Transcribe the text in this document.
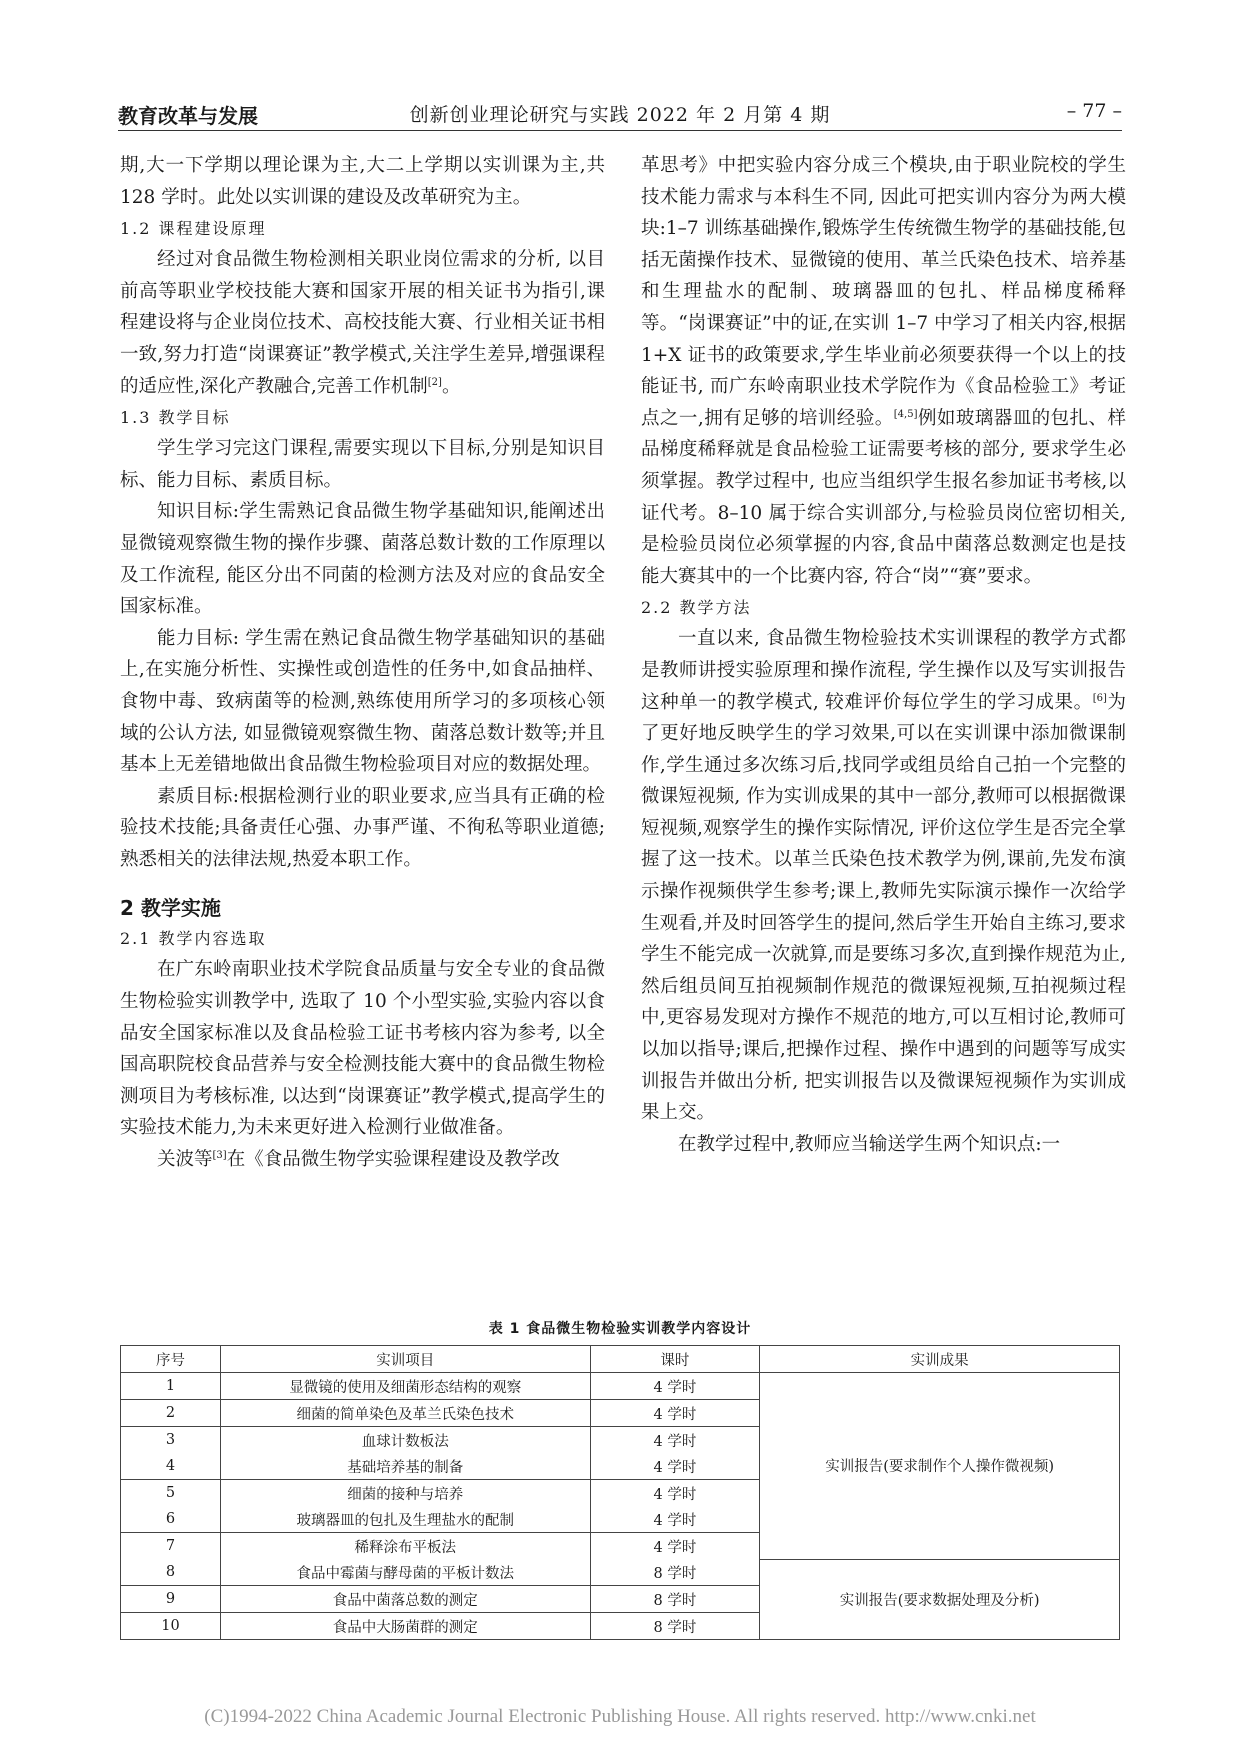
教育改革与发展	创新创业理论研究与实践 2022 年 2 月第 4 期	– 77 –

期,大一下学期以理论课为主,大二上学期以实训课为主,共 128 学时。此处以实训课的建设及改革研究为主。

1.2 课程建设原理

经过对食品微生物检测相关职业岗位需求的分析, 以目前高等职业学校技能大赛和国家开展的相关证书为指引,课程建设将与企业岗位技术、高校技能大赛、行业相关证书相一致,努力打造“岗课赛证”教学模式,关注学生差异,增强课程的适应性,深化产教融合,完善工作机制[2]。

1.3 教学目标

学生学习完这门课程,需要实现以下目标,分别是知识目标、能力目标、素质目标。

知识目标:学生需熟记食品微生物学基础知识,能阐述出显微镜观察微生物的操作步骤、菌落总数计数的工作原理以及工作流程, 能区分出不同菌的检测方法及对应的食品安全国家标准。

能力目标: 学生需在熟记食品微生物学基础知识的基础上,在实施分析性、实操性或创造性的任务中,如食品抽样、食物中毒、致病菌等的检测,熟练使用所学习的多项核心领域的公认方法, 如显微镜观察微生物、菌落总数计数等;并且基本上无差错地做出食品微生物检验项目对应的数据处理。

素质目标:根据检测行业的职业要求,应当具有正确的检验技术技能;具备责任心强、办事严谨、不徇私等职业道德;熟悉相关的法律法规,热爱本职工作。

2 教学实施
2.1 教学内容选取

在广东岭南职业技术学院食品质量与安全专业的食品微生物检验实训教学中, 选取了 10 个小型实验,实验内容以食品安全国家标准以及食品检验工证书考核内容为参考, 以全国高职院校食品营养与安全检测技能大赛中的食品微生物检测项目为考核标准, 以达到“岗课赛证”教学模式,提高学生的实验技术能力,为未来更好进入检测行业做准备。

关波等[3]在《食品微生物学实验课程建设及教学改

革思考》中把实验内容分成三个模块,由于职业院校的学生技术能力需求与本科生不同, 因此可把实训内容分为两大模块:1–7 训练基础操作,锻炼学生传统微生物学的基础技能,包括无菌操作技术、显微镜的使用、革兰氏染色技术、培养基和生理盐水的配制、玻璃器皿的包扎、样品梯度稀释等。“岗课赛证”中的证,在实训 1–7 中学习了相关内容,根据 1+X 证书的政策要求,学生毕业前必须要获得一个以上的技能证书, 而广东岭南职业技术学院作为《食品检验工》考证点之一,拥有足够的培训经验。[4,5]例如玻璃器皿的包扎、样品梯度稀释就是食品检验工证需要考核的部分, 要求学生必须掌握。教学过程中, 也应当组织学生报名参加证书考核,以证代考。8–10 属于综合实训部分,与检验员岗位密切相关,是检验员岗位必须掌握的内容,食品中菌落总数测定也是技能大赛其中的一个比赛内容, 符合“岗”“赛”要求。

2.2 教学方法

一直以来, 食品微生物检验技术实训课程的教学方式都是教师讲授实验原理和操作流程, 学生操作以及写实训报告这种单一的教学模式, 较难评价每位学生的学习成果。[6]为了更好地反映学生的学习效果,可以在实训课中添加微课制作,学生通过多次练习后,找同学或组员给自己拍一个完整的微课短视频, 作为实训成果的其中一部分,教师可以根据微课短视频,观察学生的操作实际情况, 评价这位学生是否完全掌握了这一技术。以革兰氏染色技术教学为例,课前,先发布演示操作视频供学生参考;课上,教师先实际演示操作一次给学生观看,并及时回答学生的提问,然后学生开始自主练习,要求学生不能完成一次就算,而是要练习多次,直到操作规范为止,然后组员间互拍视频制作规范的微课短视频,互拍视频过程中,更容易发现对方操作不规范的地方,可以互相讨论,教师可以加以指导;课后,把操作过程、操作中遇到的问题等写成实训报告并做出分析, 把实训报告以及微课短视频作为实训成果上交。

在教学过程中,教师应当输送学生两个知识点:一

表 1 食品微生物检验实训教学内容设计
序号	实训项目	课时	实训成果
1	显微镜的使用及细菌形态结构的观察	4 学时	实训报告(要求制作个人操作微视频)
2	细菌的简单染色及革兰氏染色技术	4 学时	
3	血球计数板法	4 学时	
4	基础培养基的制备	4 学时	
5	细菌的接种与培养	4 学时	
6	玻璃器皿的包扎及生理盐水的配制	4 学时	
7	稀释涂布平板法	4 学时	
8	食品中霉菌与酵母菌的平板计数法	8 学时	实训报告(要求数据处理及分析)
9	食品中菌落总数的测定	8 学时	
10	食品中大肠菌群的测定	8 学时	
(C)1994-2022 China Academic Journal Electronic Publishing House. All rights reserved. http://www.cnki.net
